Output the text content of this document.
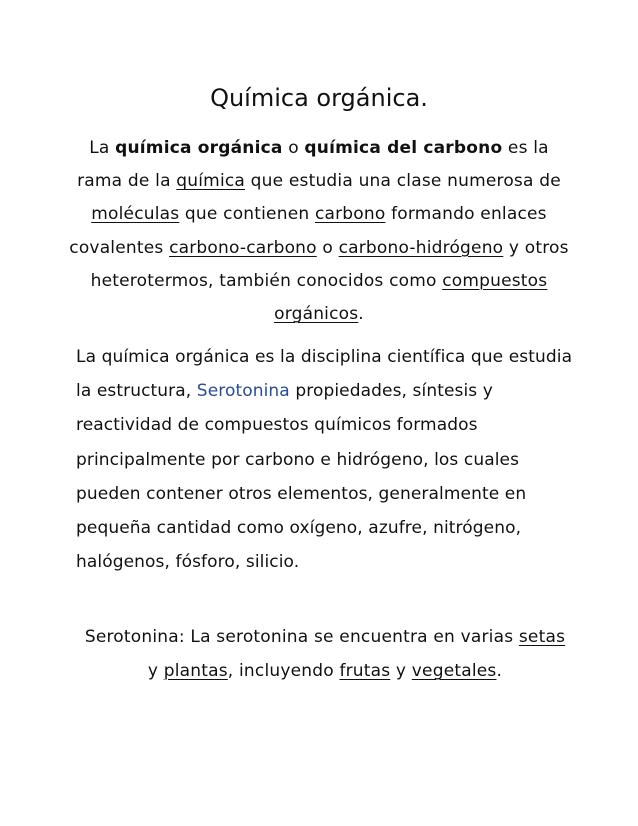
Química orgánica.

La química orgánica o química del carbono es la rama de la química que estudia una clase numerosa de moléculas que contienen carbono formando enlaces covalentes carbono-carbono o carbono-hidrógeno y otros heterotermos, también conocidos como compuestos orgánicos.

La química orgánica es la disciplina científica que estudia la estructura, Serotonina propiedades, síntesis y reactividad de compuestos químicos formados principalmente por carbono e hidrógeno, los cuales pueden contener otros elementos, generalmente en pequeña cantidad como oxígeno, azufre, nitrógeno, halógenos, fósforo, silicio.

Serotonina: La serotonina se encuentra en varias setas y plantas, incluyendo frutas y vegetales.
